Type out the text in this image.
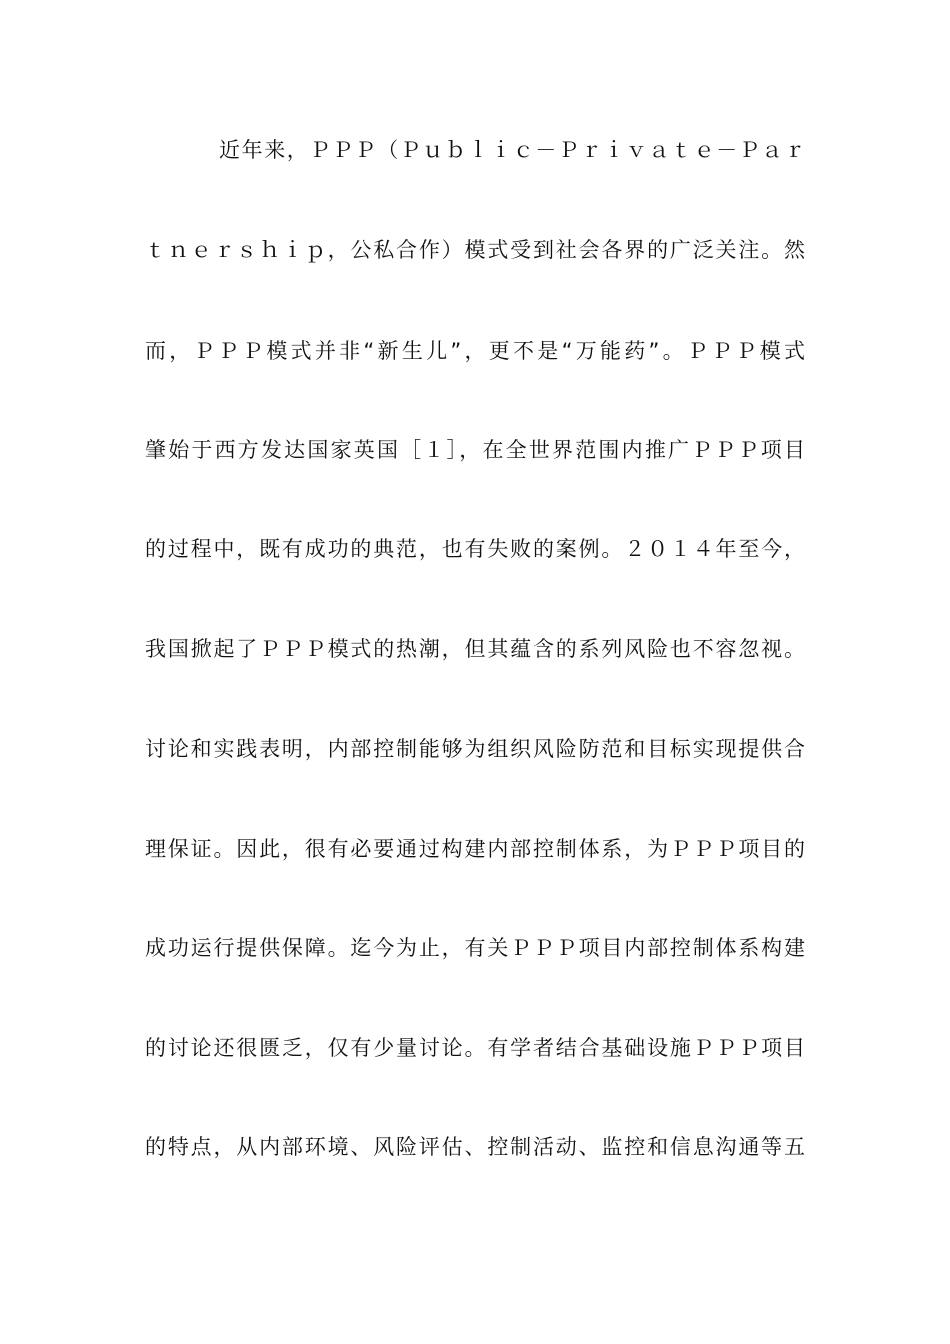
近年来，ＰＰＰ（Ｐｕｂｌｉｃ－Ｐｒｉｖａｔｅ－Ｐａｒ
ｔｎｅｒｓｈｉｐ，公私合作）模式受到社会各界的广泛关注。然
而，ＰＰＰ模式并非“新生儿”，更不是“万能药”。ＰＰＰ模式
肇始于西方发达国家英国［１］，在全世界范围内推广ＰＰＰ项目
的过程中，既有成功的典范，也有失败的案例。２０１４年至今，
我国掀起了ＰＰＰ模式的热潮，但其蕴含的系列风险也不容忽视。
讨论和实践表明，内部控制能够为组织风险防范和目标实现提供合
理保证。因此，很有必要通过构建内部控制体系，为ＰＰＰ项目的
成功运行提供保障。迄今为止，有关ＰＰＰ项目内部控制体系构建
的讨论还很匮乏，仅有少量讨论。有学者结合基础设施ＰＰＰ项目
的特点，从内部环境、风险评估、控制活动、监控和信息沟通等五
